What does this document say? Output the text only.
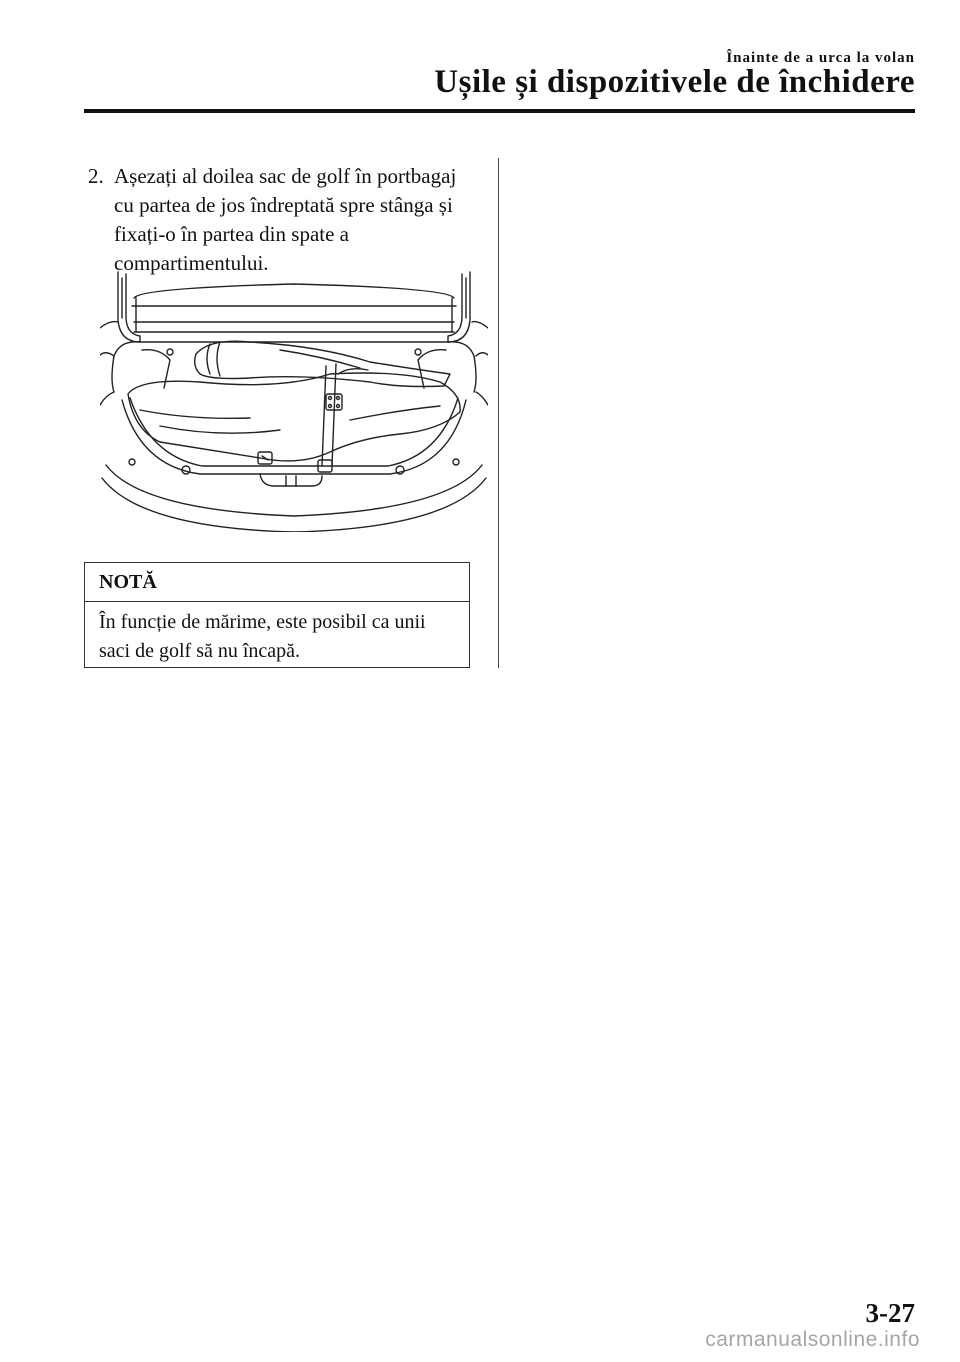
Înainte de a urca la volan
Ușile și dispozitivele de închidere
2. Așezați al doilea sac de golf în portbagaj cu partea de jos îndreptată spre stânga și fixați-o în partea din spate a compartimentului.
NOTĂ
În funcție de mărime, este posibil ca unii saci de golf să nu încapă.
3-27
carmanualsonline.info
